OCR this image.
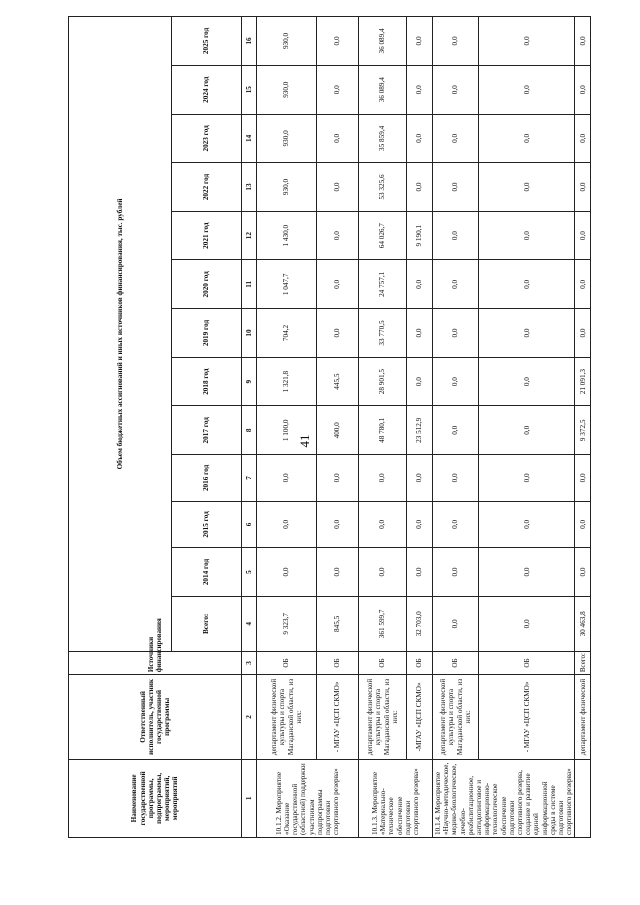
41
Наименование государственной программы, подпрограммы, мероприятий, мероприятий	Ответственный исполнитель, участник государственной программы	Источники финансирования	Объем бюджетных ассигнований и иных источников финансирования, тыс. рублей												
			Всего:	2014 год	2015 год	2016 год	2017 год	2018 год	2019 год	2020 год	2021 год	2022 год	2023 год	2024 год	2025 год
1	2	3	4	5	6	7	8	9	10	11	12	13	14	15	16
10.1.2. Мероприятие «Оказание государственной (областной) поддержки участникам подпрограммы подготовки спортивного резерва»	департамент физической культуры и спорта Магаданской области, из них:	ОБ	9 323,7	0,0	0,0	0,0	1 100,0	1 321,8	704,2	1 047,7	1 430,0	930,0	930,0	930,0	930,0
	- МГАУ «ЦСП СКМО»	ОБ	845,5	0,0	0,0	0,0	400,0	445,5	0,0	0,0	0,0	0,0	0,0	0,0	0,0
10.1.3. Мероприятие «Материально-техническое обеспечение подготовки спортивного резерва»	департамент физической культуры и спорта Магаданской области, из них:	ОБ	361 599,7	0,0	0,0	0,0	48 780,1	28 901,5	33 770,5	24 757,1	64 026,7	53 325,6	35 859,4	36 089,4	36 089,4
	-МГАУ «ЦСП СКМО»	ОБ	32 703,0	0,0	0,0	0,0	23 512,9	0,0	0,0	0,0	9 190,1	0,0	0,0	0,0	0,0
10.1.4. Мероприятие «Научно-методическое, медико-биологическое, лечебно-реабилитационное, антидопинговое и информационно-технологическое обеспечение подготовки спортивного резерва, создание и развитие единой информационной среды в системе подготовки спортивного резерва»	департамент физической культуры и спорта Магаданской области, из них:	ОБ	0,0	0,0	0,0	0,0	0,0	0,0	0,0	0,0	0,0	0,0	0,0	0,0	0,0
	- МГАУ «ЦСП СКМО»	ОБ	0,0	0,0	0,0	0,0	0,0	0,0	0,0	0,0	0,0	0,0	0,0	0,0	0,0
	департамент физической	Всего:	30 463,8	0,0	0,0	0,0	9 372,5	21 091,3	0,0	0,0	0,0	0,0	0,0	0,0	0,0
